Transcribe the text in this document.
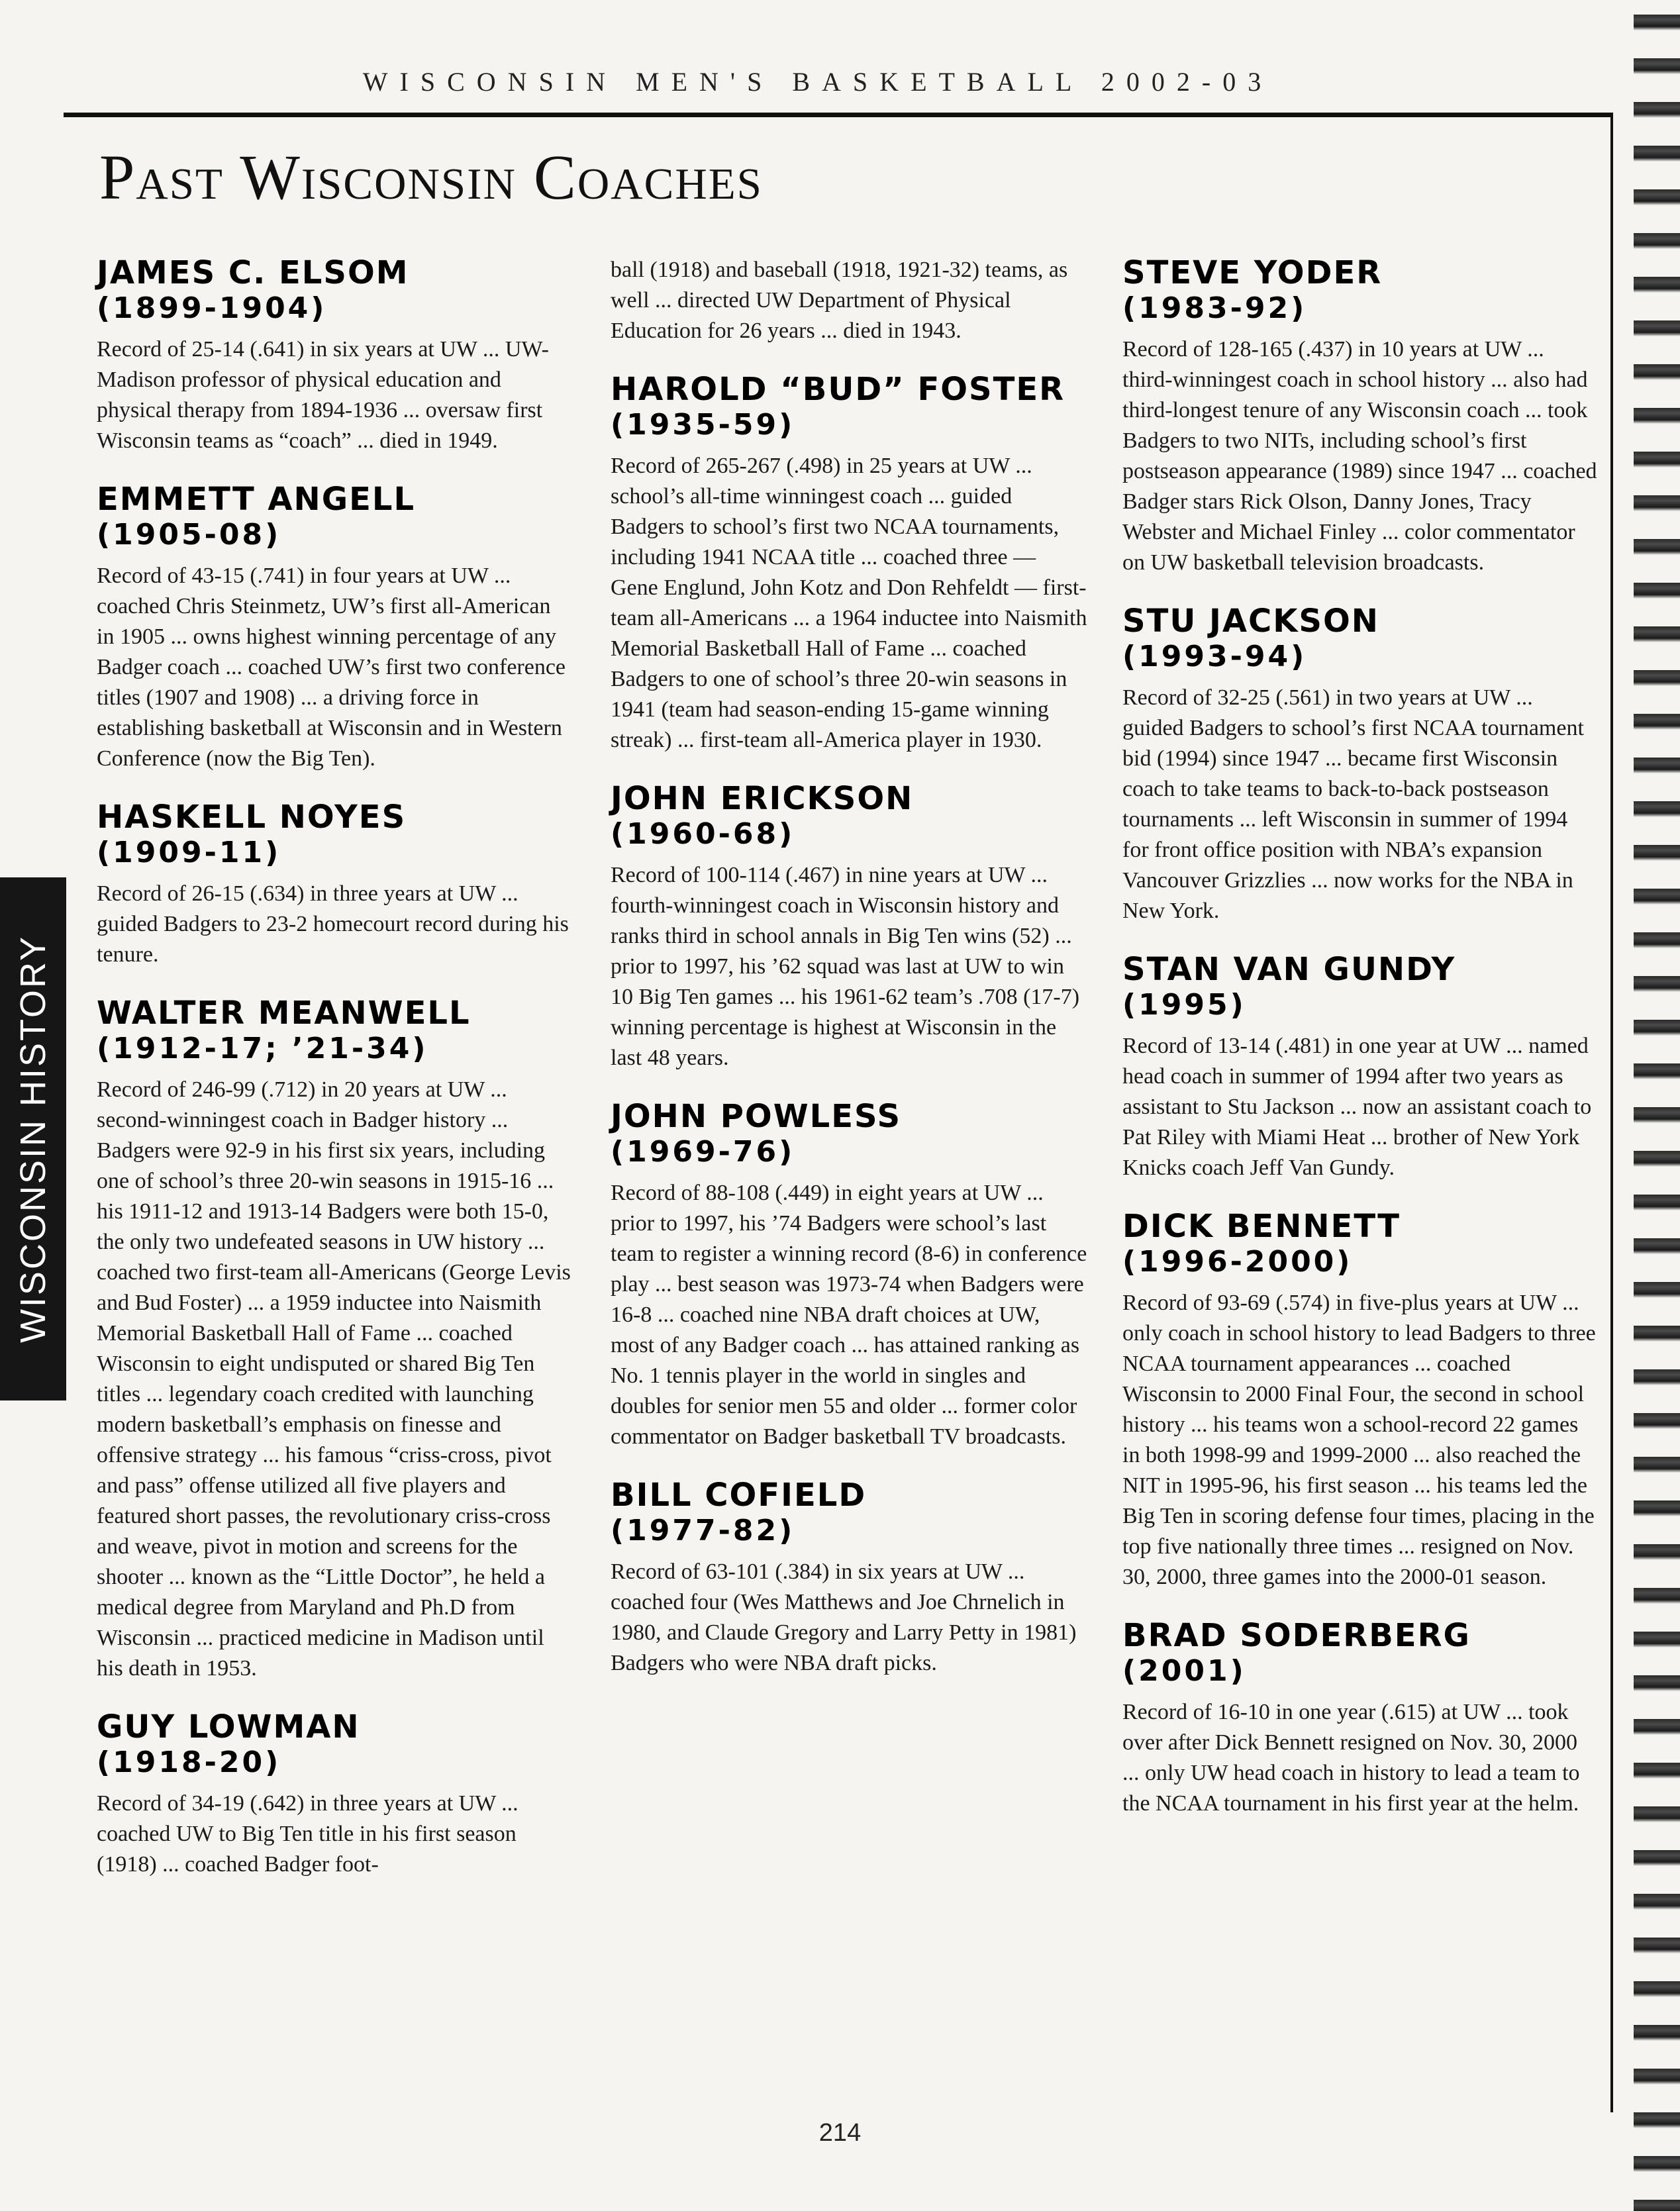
WISCONSIN MEN'S BASKETBALL 2002-03
Past Wisconsin Coaches
WISCONSIN HISTORY
JAMES C. ELSOM
(1899-1904)

Record of 25-14 (.641) in six years at UW ... UW-Madison professor of physical education and physical therapy from 1894-1936 ... oversaw first Wisconsin teams as “coach” ... died in 1949.

EMMETT ANGELL
(1905-08)

Record of 43-15 (.741) in four years at UW ... coached Chris Steinmetz, UW’s first all-American in 1905 ... owns highest winning percentage of any Badger coach ... coached UW’s first two conference titles (1907 and 1908) ... a driving force in establishing basketball at Wisconsin and in Western Conference (now the Big Ten).

HASKELL NOYES
(1909-11)

Record of 26-15 (.634) in three years at UW ... guided Badgers to 23-2 homecourt record during his tenure.

WALTER MEANWELL
(1912-17; ’21-34)

Record of 246-99 (.712) in 20 years at UW ... second-winningest coach in Badger history ... Badgers were 92-9 in his first six years, including one of school’s three 20-win seasons in 1915-16 ... his 1911-12 and 1913-14 Badgers were both 15-0, the only two undefeated seasons in UW history ... coached two first-team all-Americans (George Levis and Bud Foster) ... a 1959 inductee into Naismith Memorial Basketball Hall of Fame ... coached Wisconsin to eight undisputed or shared Big Ten titles ... legendary coach credited with launching modern basketball’s emphasis on finesse and offensive strategy ... his famous “criss-cross, pivot and pass” offense utilized all five players and featured short passes, the revolutionary criss-cross and weave, pivot in motion and screens for the shooter ... known as the “Little Doctor”, he held a medical degree from Maryland and Ph.D from Wisconsin ... practiced medicine in Madison until his death in 1953.

GUY LOWMAN
(1918-20)

Record of 34-19 (.642) in three years at UW ... coached UW to Big Ten title in his first season (1918) ... coached Badger foot-

ball (1918) and baseball (1918, 1921-32) teams, as well ... directed UW Department of Physical Education for 26 years ... died in 1943.

HAROLD “BUD” FOSTER
(1935-59)

Record of 265-267 (.498) in 25 years at UW ... school’s all-time winningest coach ... guided Badgers to school’s first two NCAA tournaments, including 1941 NCAA title ... coached three — Gene Englund, John Kotz and Don Rehfeldt — first-team all-Americans ... a 1964 inductee into Naismith Memorial Basketball Hall of Fame ... coached Badgers to one of school’s three 20-win seasons in 1941 (team had season-ending 15-game winning streak) ... first-team all-America player in 1930.

JOHN ERICKSON
(1960-68)

Record of 100-114 (.467) in nine years at UW ... fourth-winningest coach in Wisconsin history and ranks third in school annals in Big Ten wins (52) ... prior to 1997, his ’62 squad was last at UW to win 10 Big Ten games ... his 1961-62 team’s .708 (17-7) winning percentage is highest at Wisconsin in the last 48 years.

JOHN POWLESS
(1969-76)

Record of 88-108 (.449) in eight years at UW ... prior to 1997, his ’74 Badgers were school’s last team to register a winning record (8-6) in conference play ... best season was 1973-74 when Badgers were 16-8 ... coached nine NBA draft choices at UW, most of any Badger coach ... has attained ranking as No. 1 tennis player in the world in singles and doubles for senior men 55 and older ... former color commentator on Badger basketball TV broadcasts.

BILL COFIELD
(1977-82)

Record of 63-101 (.384) in six years at UW ... coached four (Wes Matthews and Joe Chrnelich in 1980, and Claude Gregory and Larry Petty in 1981) Badgers who were NBA draft picks.

STEVE YODER
(1983-92)

Record of 128-165 (.437) in 10 years at UW ... third-winningest coach in school history ... also had third-longest tenure of any Wisconsin coach ... took Badgers to two NITs, including school’s first postseason appearance (1989) since 1947 ... coached Badger stars Rick Olson, Danny Jones, Tracy Webster and Michael Finley ... color commentator on UW basketball television broadcasts.

STU JACKSON
(1993-94)

Record of 32-25 (.561) in two years at UW ... guided Badgers to school’s first NCAA tournament bid (1994) since 1947 ... became first Wisconsin coach to take teams to back-to-back postseason tournaments ... left Wisconsin in summer of 1994 for front office position with NBA’s expansion Vancouver Grizzlies ... now works for the NBA in New York.

STAN VAN GUNDY
(1995)

Record of 13-14 (.481) in one year at UW ... named head coach in summer of 1994 after two years as assistant to Stu Jackson ... now an assistant coach to Pat Riley with Miami Heat ... brother of New York Knicks coach Jeff Van Gundy.

DICK BENNETT
(1996-2000)

Record of 93-69 (.574) in five-plus years at UW ... only coach in school history to lead Badgers to three NCAA tournament appearances ... coached Wisconsin to 2000 Final Four, the second in school history ... his teams won a school-record 22 games in both 1998-99 and 1999-2000 ... also reached the NIT in 1995-96, his first season ... his teams led the Big Ten in scoring defense four times, placing in the top five nationally three times ... resigned on Nov. 30, 2000, three games into the 2000-01 season.

BRAD SODERBERG
(2001)

Record of 16-10 in one year (.615) at UW ... took over after Dick Bennett resigned on Nov. 30, 2000 ... only UW head coach in history to lead a team to the NCAA tournament in his first year at the helm.

214
